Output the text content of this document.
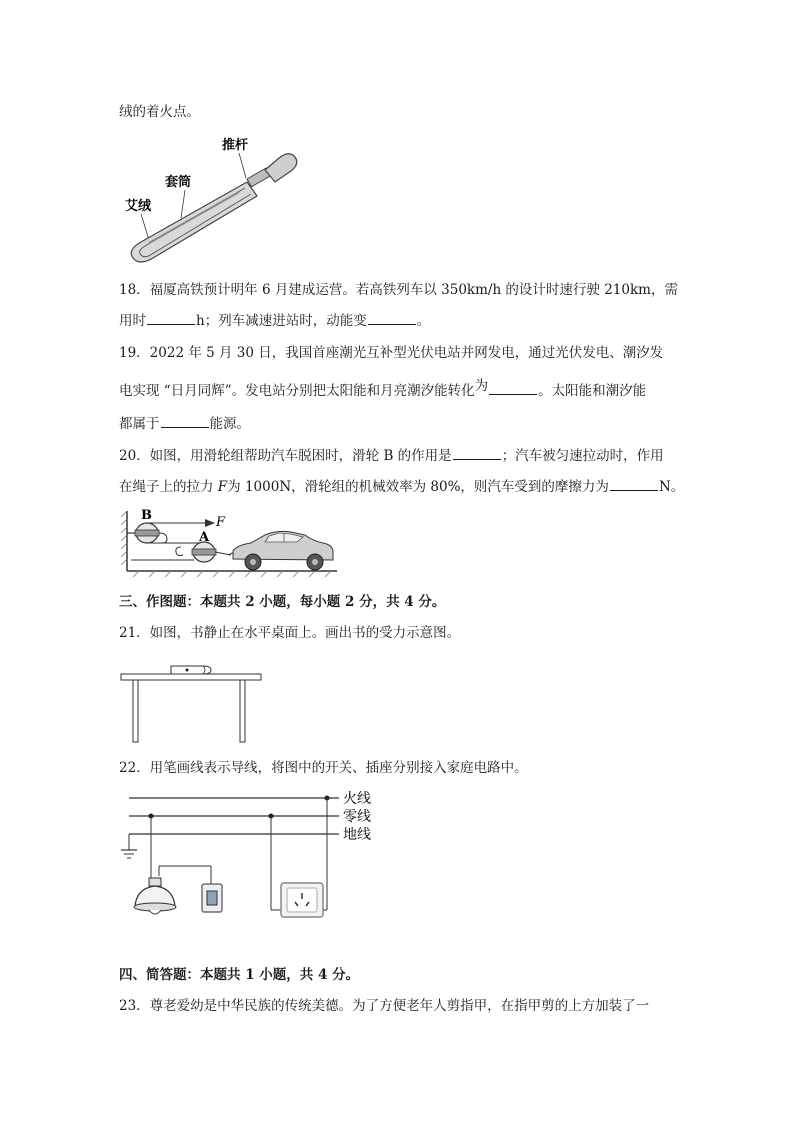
绒的着火点。
推杆
套筒
艾绒
18．福厦高铁预计明年 6 月建成运营。若高铁列车以 350km/h 的设计时速行驶 210km，需
用时	h；列车减速进站时，动能变	。
19．2022 年 5 月 30 日，我国首座潮光互补型光伏电站并网发电，通过光伏发电、潮汐发
电实现 “日月同辉”。发电站分别把太阳能和月亮潮汐能转化为	。太阳能和潮汐能
都属于	能源。
20．如图，用滑轮组帮助汽车脱困时，滑轮 B 的作用是	；汽车被匀速拉动时，作用
在绳子上的拉力 F为 1000N，滑轮组的机械效率为 80%，则汽车受到的摩擦力为	N。
B	F
A
三、作图题：本题共 2 小题，每小题 2 分，共 4 分。
21．如图，书静止在水平桌面上。画出书的受力示意图。
22．用笔画线表示导线，将图中的开关、插座分别接入家庭电路中。
火线
零线
地线
四、简答题：本题共 1 小题，共 4 分。
23．尊老爱幼是中华民族的传统美德。为了方便老年人剪指甲，在指甲剪的上方加装了一
